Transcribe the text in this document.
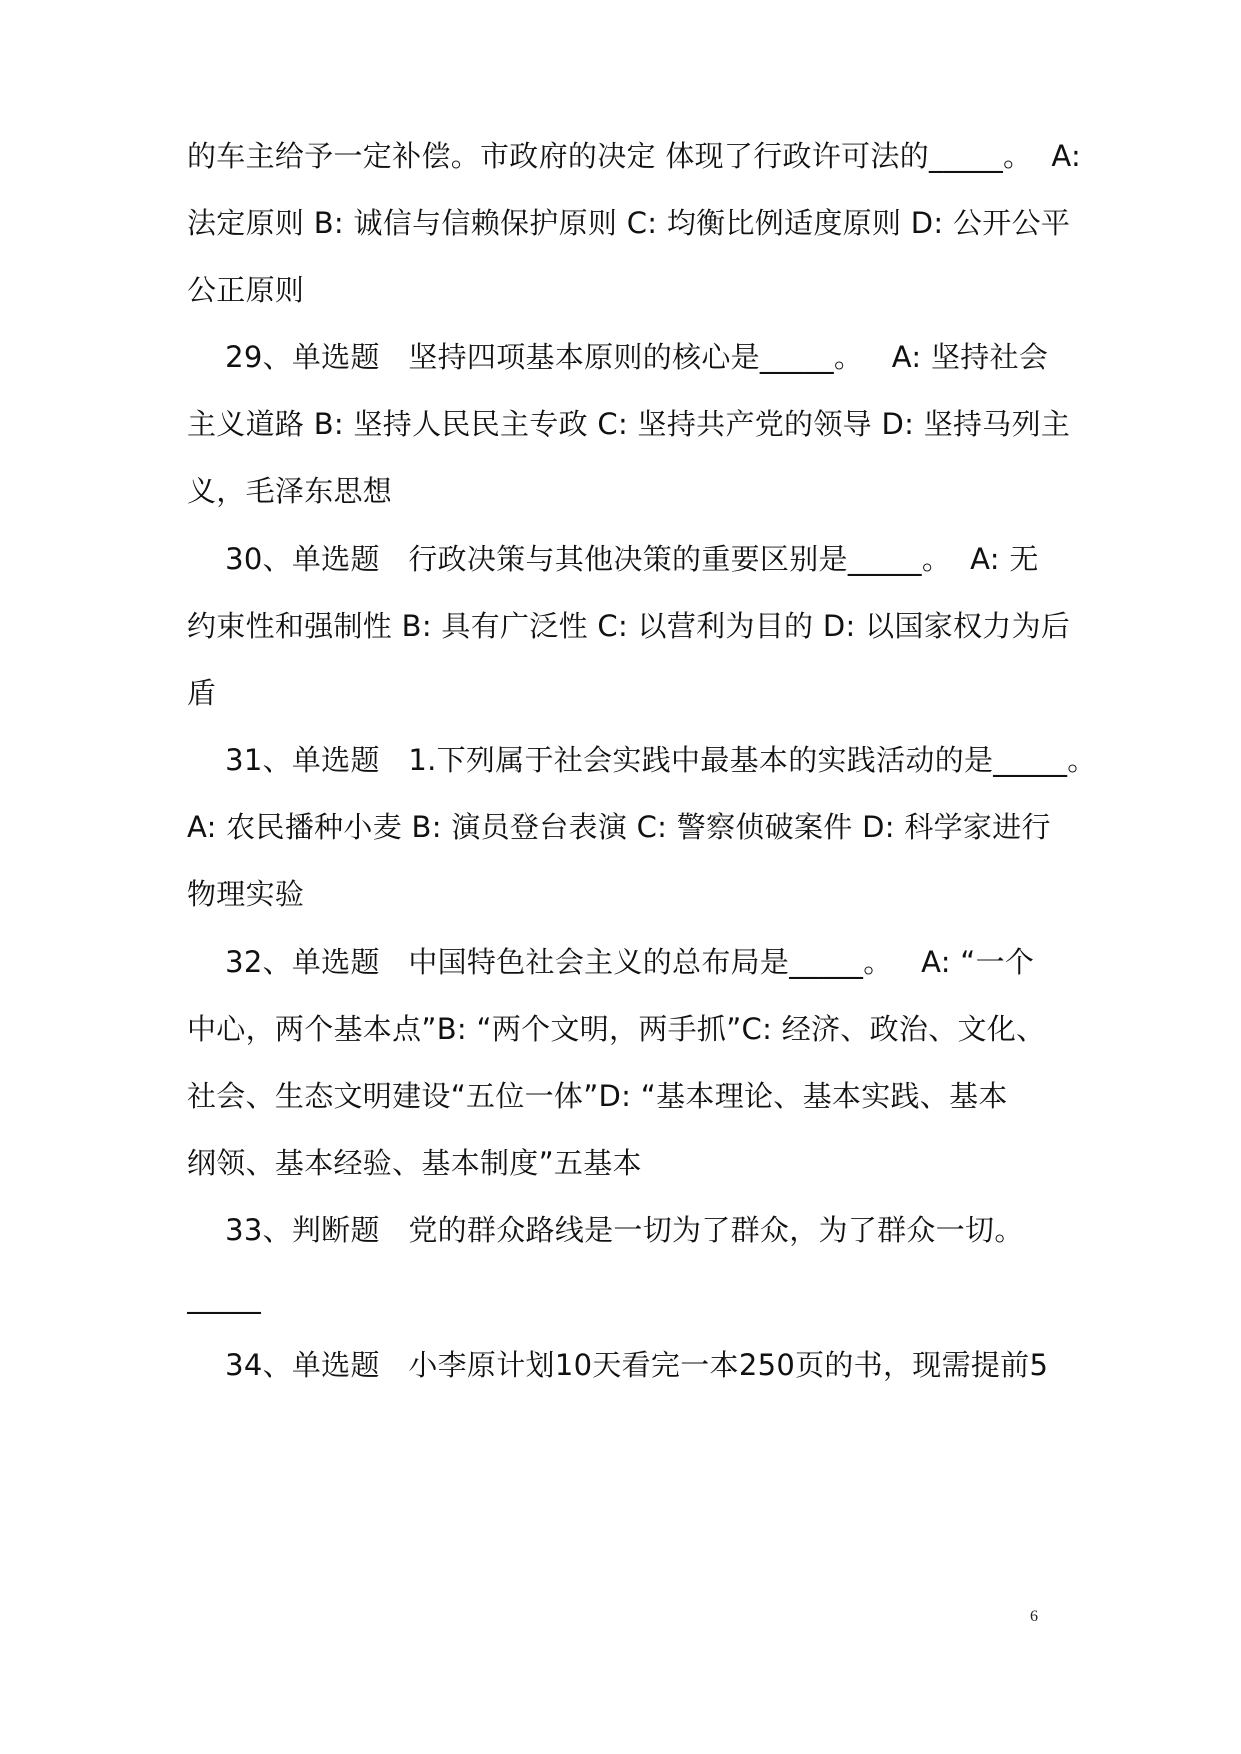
的车主给予一定补偿。市政府的决定 体现了行政许可法的_____。  A:
法定原则 B: 诚信与信赖保护原则 C: 均衡比例适度原则 D: 公开公平
公正原则
29、单选题   坚持四项基本原则的核心是_____。   A: 坚持社会
主义道路 B: 坚持人民民主专政 C: 坚持共产党的领导 D: 坚持马列主
义，毛泽东思想
30、单选题   行政决策与其他决策的重要区别是_____。  A: 无
约束性和强制性 B: 具有广泛性 C: 以营利为目的 D: 以国家权力为后
盾
31、单选题   1.下列属于社会实践中最基本的实践活动的是_____。
A: 农民播种小麦 B: 演员登台表演 C: 警察侦破案件 D: 科学家进行
物理实验
32、单选题   中国特色社会主义的总布局是_____。   A: “一个
中心，两个基本点”B: “两个文明，两手抓”C: 经济、政治、文化、
社会、生态文明建设“五位一体”D: “基本理论、基本实践、基本
纲领、基本经验、基本制度”五基本
33、判断题   党的群众路线是一切为了群众，为了群众一切。
_____
34、单选题   小李原计划10天看完一本250页的书，现需提前5
6
